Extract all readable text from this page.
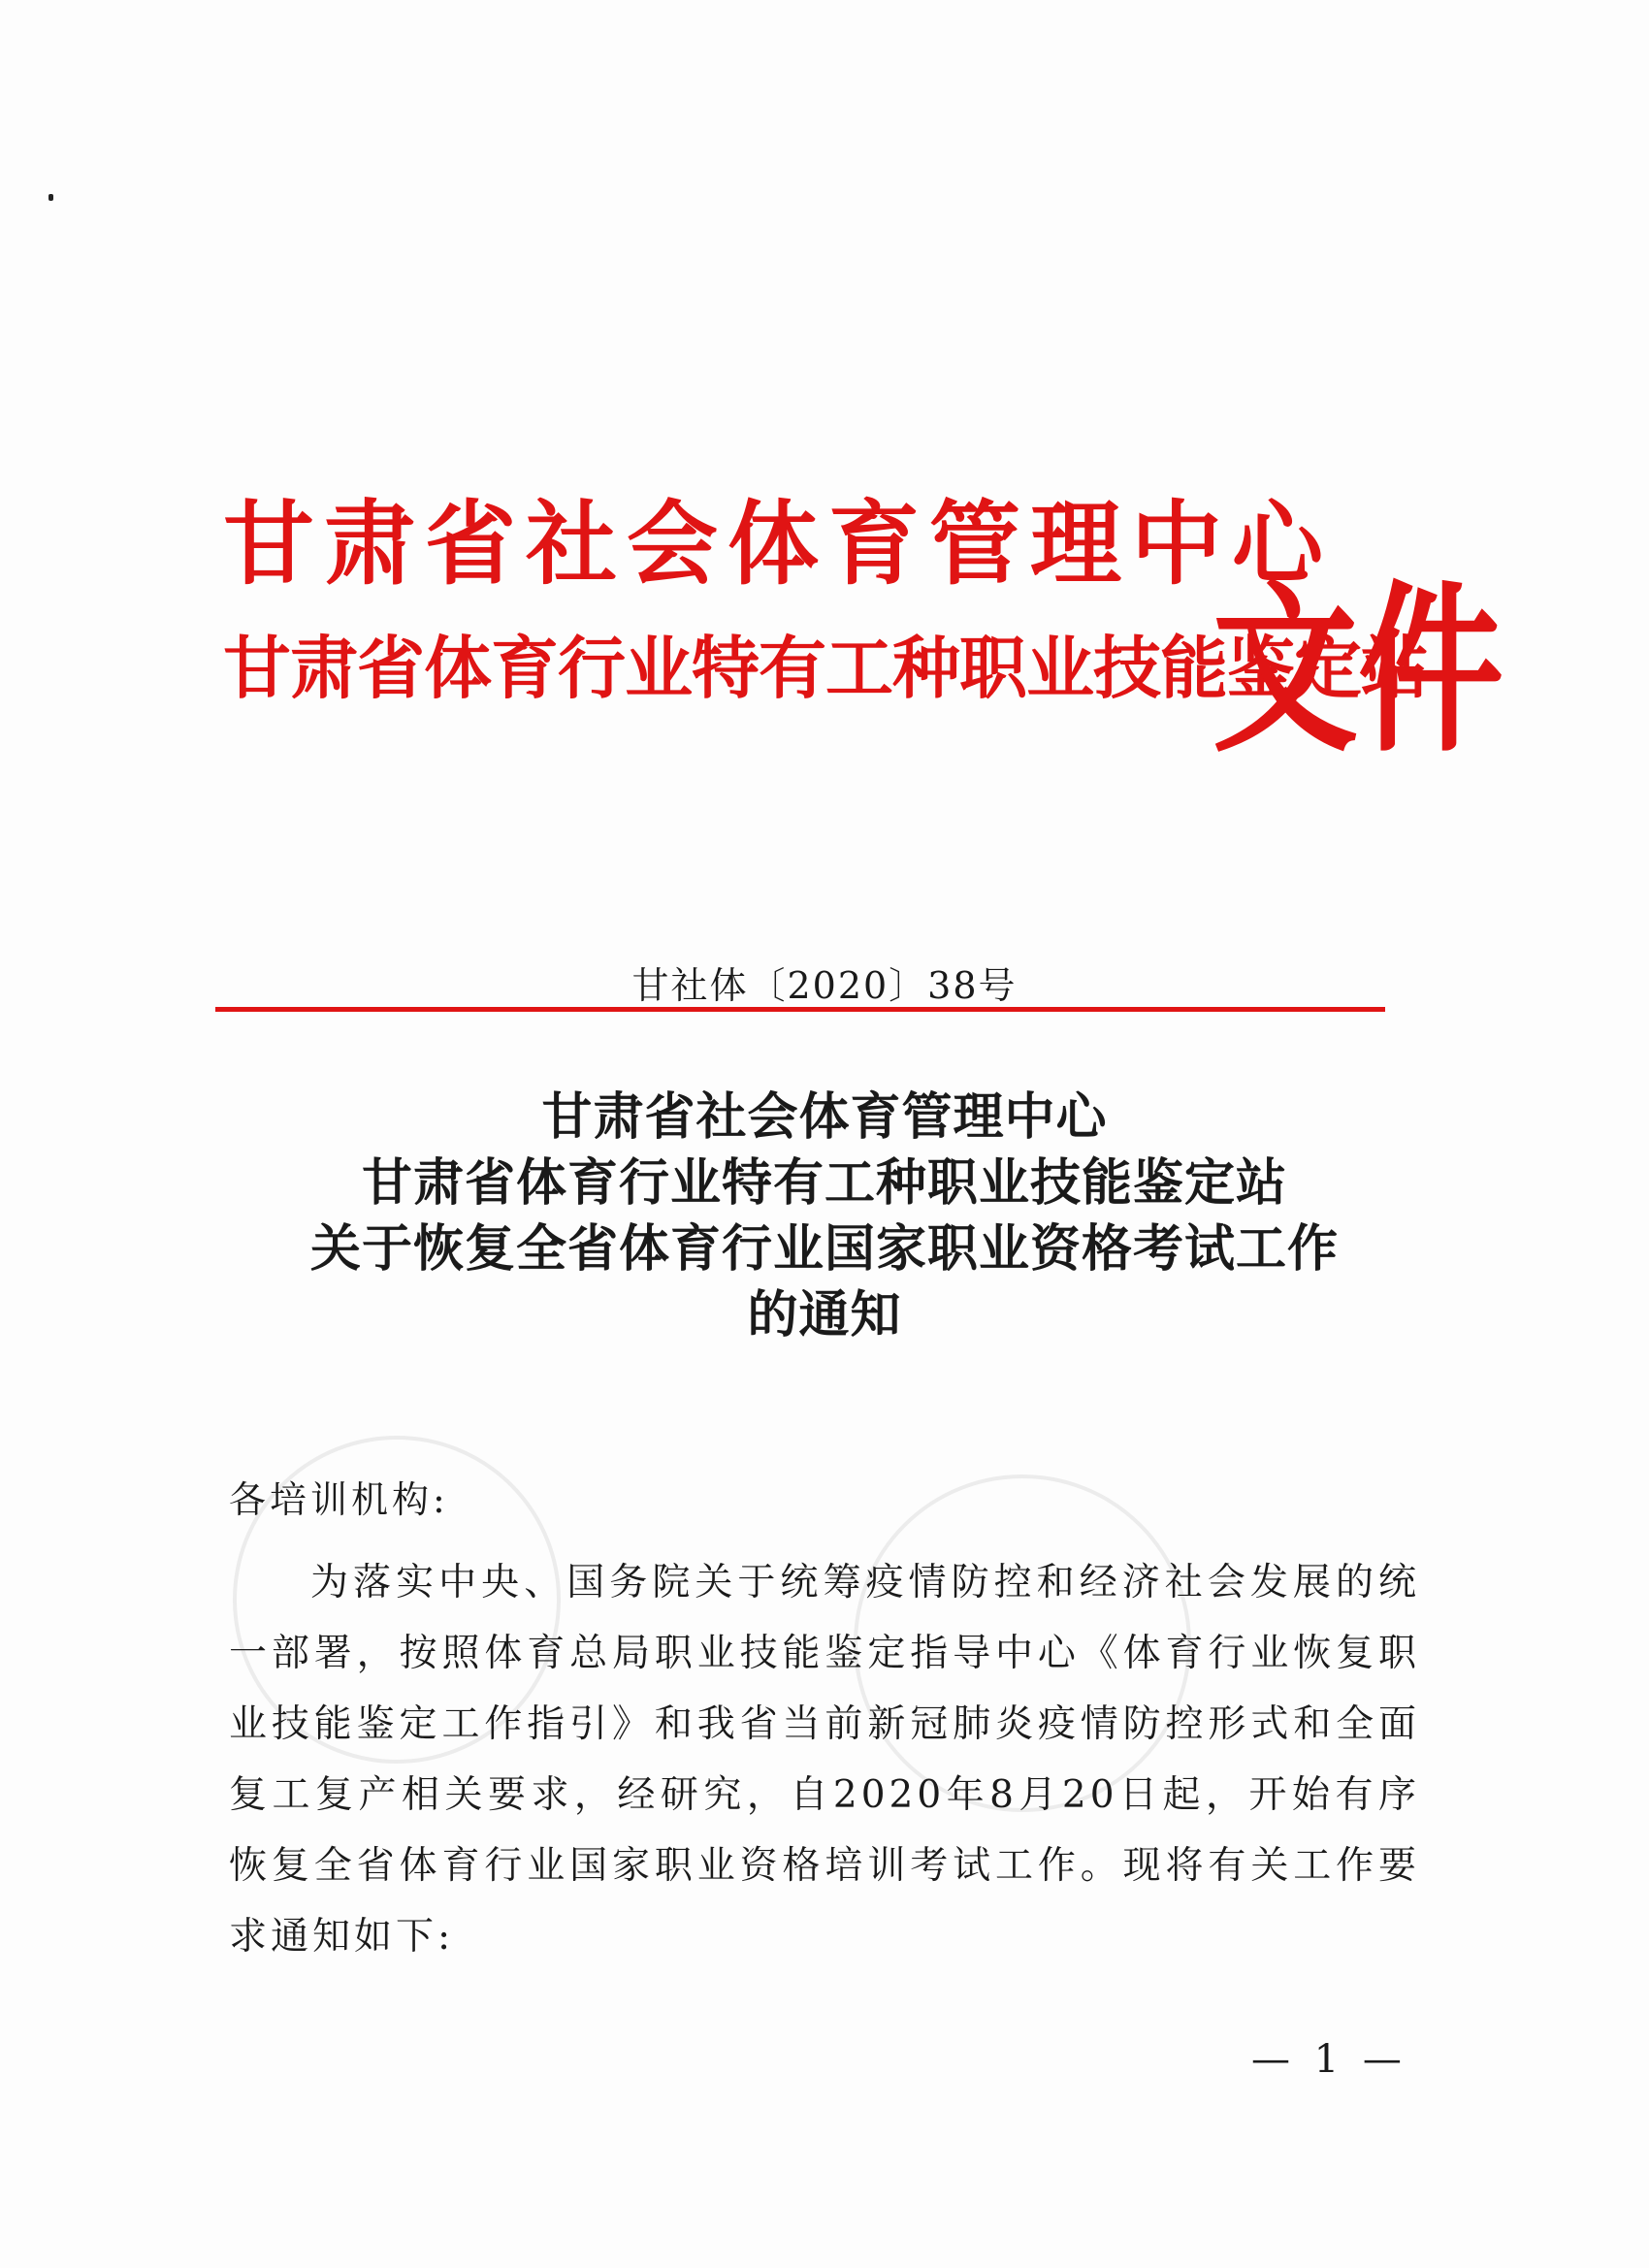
甘肃省社会体育管理中心
甘肃省体育行业特有工种职业技能鉴定站
文件
甘社体〔2020〕38号
甘肃省社会体育管理中心
甘肃省体育行业特有工种职业技能鉴定站
关于恢复全省体育行业国家职业资格考试工作
的通知
各培训机构:
为落实中央、国务院关于统筹疫情防控和经济社会发展的统一部署，按照体育总局职业技能鉴定指导中心《体育行业恢复职业技能鉴定工作指引》和我省当前新冠肺炎疫情防控形式和全面复工复产相关要求，经研究，自2020年8月20日起，开始有序恢复全省体育行业国家职业资格培训考试工作。现将有关工作要求通知如下:
— 1 —
